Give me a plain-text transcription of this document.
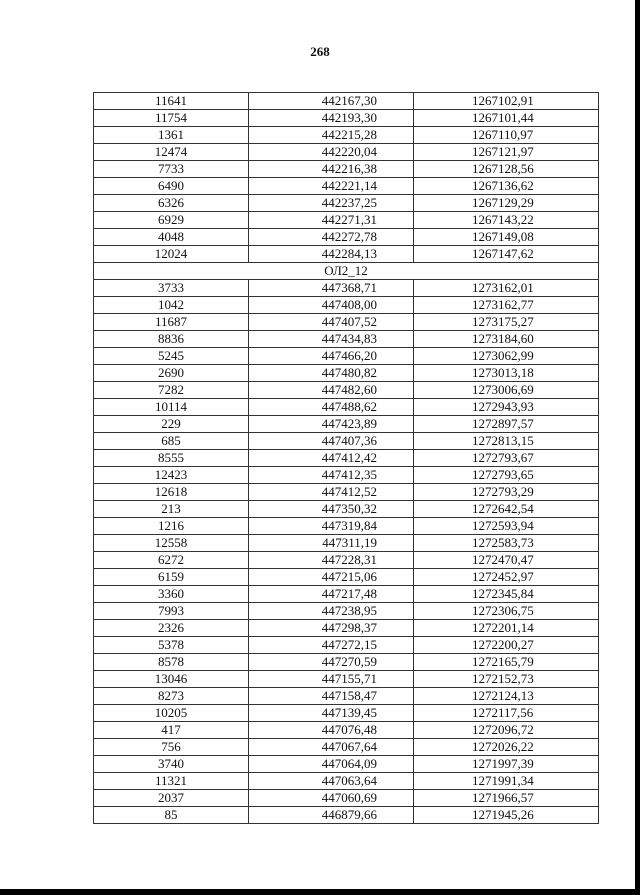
268
11641	442167,30	1267102,91
11754	442193,30	1267101,44
1361	442215,28	1267110,97
12474	442220,04	1267121,97
7733	442216,38	1267128,56
6490	442221,14	1267136,62
6326	442237,25	1267129,29
6929	442271,31	1267143,22
4048	442272,78	1267149,08
12024	442284,13	1267147,62
ОЛ2_12		
3733	447368,71	1273162,01
1042	447408,00	1273162,77
11687	447407,52	1273175,27
8836	447434,83	1273184,60
5245	447466,20	1273062,99
2690	447480,82	1273013,18
7282	447482,60	1273006,69
10114	447488,62	1272943,93
229	447423,89	1272897,57
685	447407,36	1272813,15
8555	447412,42	1272793,67
12423	447412,35	1272793,65
12618	447412,52	1272793,29
213	447350,32	1272642,54
1216	447319,84	1272593,94
12558	447311,19	1272583,73
6272	447228,31	1272470,47
6159	447215,06	1272452,97
3360	447217,48	1272345,84
7993	447238,95	1272306,75
2326	447298,37	1272201,14
5378	447272,15	1272200,27
8578	447270,59	1272165,79
13046	447155,71	1272152,73
8273	447158,47	1272124,13
10205	447139,45	1272117,56
417	447076,48	1272096,72
756	447067,64	1272026,22
3740	447064,09	1271997,39
11321	447063,64	1271991,34
2037	447060,69	1271966,57
85	446879,66	1271945,26
